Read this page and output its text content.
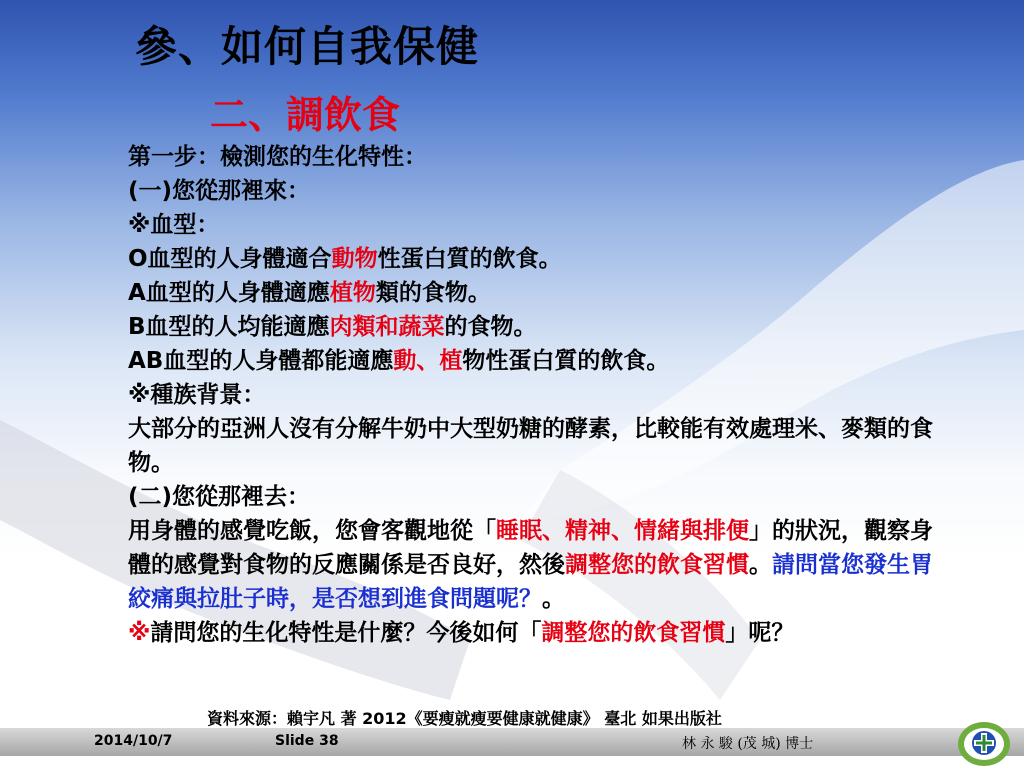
參、如何自我保健
二、調飲食

第一步：檢測您的生化特性：

(一)您從那裡來：

※血型：

O血型的人身體適合動物性蛋白質的飲食。

A血型的人身體適應植物類的食物。

B血型的人均能適應肉類和蔬菜的食物。

AB血型的人身體都能適應動、植物性蛋白質的飲食。

※種族背景：

大部分的亞洲人沒有分解牛奶中大型奶糖的酵素，比較能有效處理米、麥類的食物。

(二)您從那裡去：

用身體的感覺吃飯，您會客觀地從「睡眠、精神、情緒與排便」的狀況，觀察身體的感覺對食物的反應關係是否良好，然後調整您的飲食習慣。請問當您發生胃絞痛與拉肚子時，是否想到進食問題呢？。

※請問您的生化特性是什麼？今後如何「調整您的飲食習慣」呢？

資料來源：賴宇凡 著 2012《要瘦就瘦要健康就健康》 臺北 如果出版社
2014/10/7	Slide 38	林 永 駿 (茂 城) 博士
